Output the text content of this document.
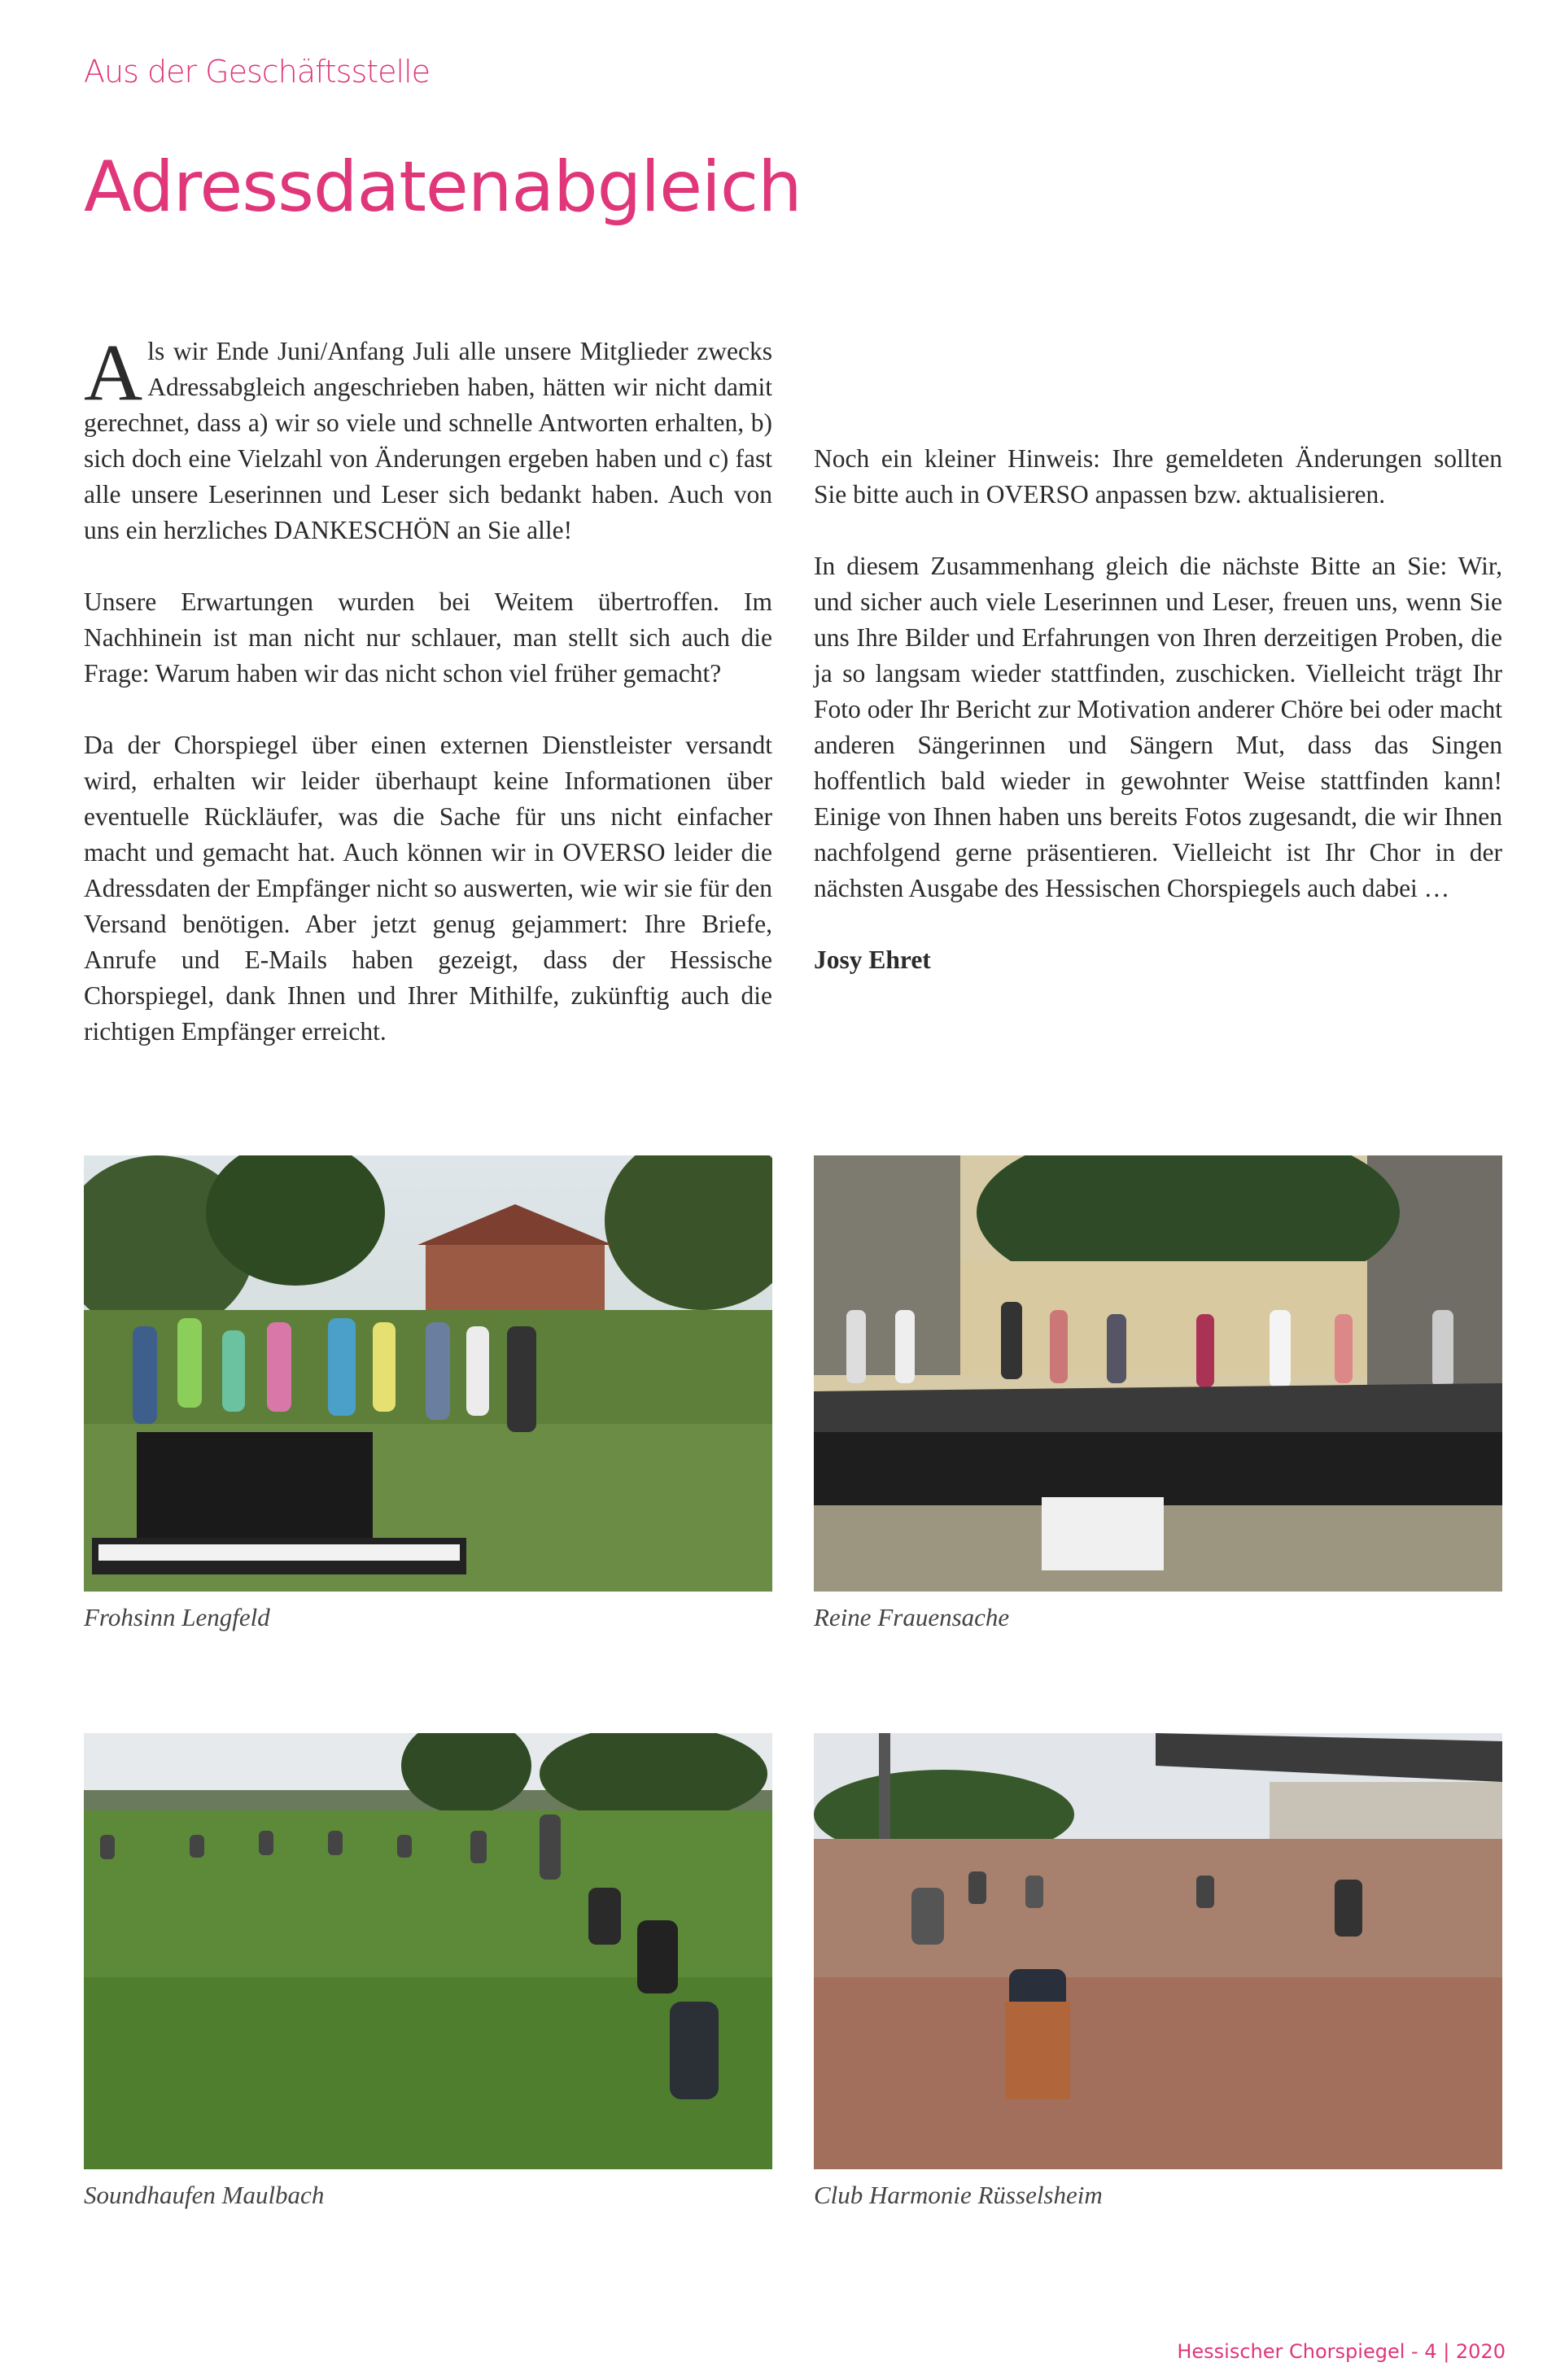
Aus der Geschäftsstelle
Adressdatenabgleich

Als wir Ende Juni/Anfang Juli alle unsere Mitglieder zwecks Adressabgleich angeschrieben haben, hätten wir nicht damit gerechnet, dass a) wir so viele und schnelle Antworten erhalten, b) sich doch eine Vielzahl von Änderungen ergeben haben und c) fast alle unsere Leserinnen und Leser sich bedankt haben. Auch von uns ein herzliches DANKESCHÖN an Sie alle!

Unsere Erwartungen wurden bei Weitem übertroffen. Im Nachhinein ist man nicht nur schlauer, man stellt sich auch die Frage: Warum haben wir das nicht schon viel früher gemacht?

Da der Chorspiegel über einen externen Dienstleister versandt wird, erhalten wir leider überhaupt keine Informationen über eventuelle Rückläufer, was die Sache für uns nicht einfacher macht und gemacht hat. Auch können wir in OVERSO leider die Adressdaten der Empfänger nicht so auswerten, wie wir sie für den Versand benötigen. Aber jetzt genug gejammert: Ihre Briefe, Anrufe und E-Mails haben gezeigt, dass der Hessische Chorspiegel, dank Ihnen und Ihrer Mithilfe, zukünftig auch die richtigen Empfänger erreicht.

Noch ein kleiner Hinweis: Ihre gemeldeten Änderungen sollten Sie bitte auch in OVERSO anpassen bzw. aktualisieren.

In diesem Zusammenhang gleich die nächste Bitte an Sie: Wir, und sicher auch viele Leserinnen und Leser, freuen uns, wenn Sie uns Ihre Bilder und Erfahrungen von Ihren derzeitigen Proben, die ja so langsam wieder stattfinden, zuschicken. Vielleicht trägt Ihr Foto oder Ihr Bericht zur Motivation anderer Chöre bei oder macht anderen Sängerinnen und Sängern Mut, dass das Singen hoffentlich bald wieder in gewohnter Weise stattfinden kann! Einige von Ihnen haben uns bereits Fotos zugesandt, die wir Ihnen nachfolgend gerne präsentieren. Vielleicht ist Ihr Chor in der nächsten Ausgabe des Hessischen Chorspiegels auch dabei …

Josy Ehret

Frohsinn Lengfeld	Reine Frauensache
Soundhaufen Maulbach	Club Harmonie Rüsselsheim
Hessischer Chorspiegel - 4 | 2020
